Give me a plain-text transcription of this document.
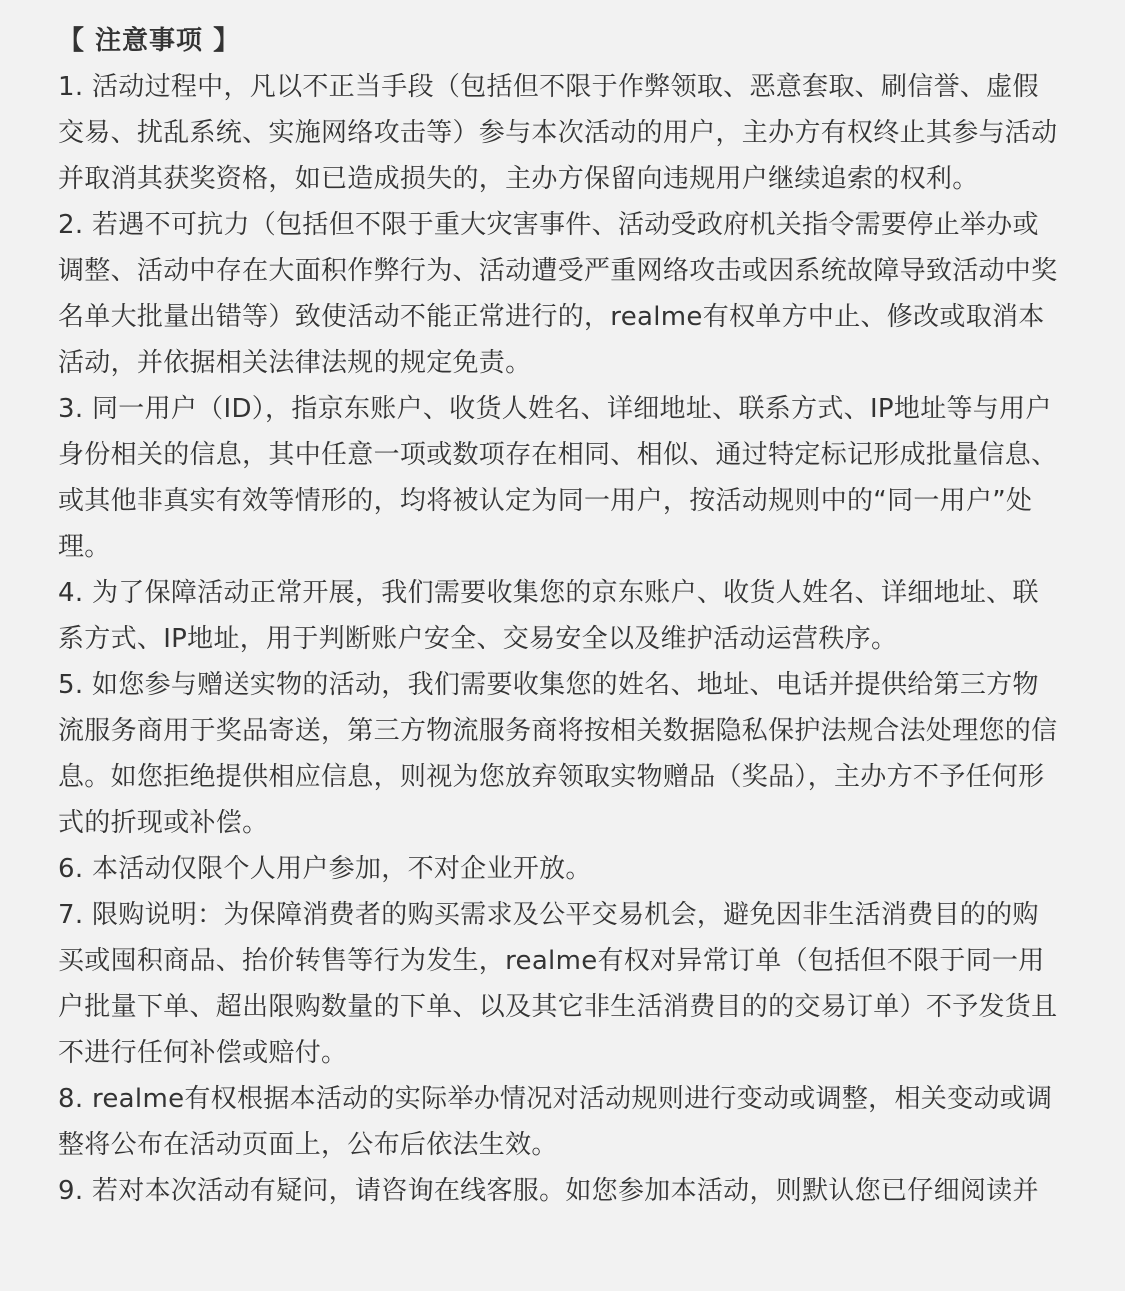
【 注意事项 】
1. 活动过程中，凡以不正当手段（包括但不限于作弊领取、恶意套取、刷信誉、虚假交易、扰乱系统、实施网络攻击等）参与本次活动的用户，主办方有权终止其参与活动并取消其获奖资格，如已造成损失的，主办方保留向违规用户继续追索的权利。
2. 若遇不可抗力（包括但不限于重大灾害事件、活动受政府机关指令需要停止举办或调整、活动中存在大面积作弊行为、活动遭受严重网络攻击或因系统故障导致活动中奖名单大批量出错等）致使活动不能正常进行的，realme有权单方中止、修改或取消本活动，并依据相关法律法规的规定免责。
3. 同一用户（ID），指京东账户、收货人姓名、详细地址、联系方式、IP地址等与用户身份相关的信息，其中任意一项或数项存在相同、相似、通过特定标记形成批量信息、或其他非真实有效等情形的，均将被认定为同一用户，按活动规则中的“同一用户”处理。
4. 为了保障活动正常开展，我们需要收集您的京东账户、收货人姓名、详细地址、联系方式、IP地址，用于判断账户安全、交易安全以及维护活动运营秩序。
5. 如您参与赠送实物的活动，我们需要收集您的姓名、地址、电话并提供给第三方物流服务商用于奖品寄送，第三方物流服务商将按相关数据隐私保护法规合法处理您的信息。如您拒绝提供相应信息，则视为您放弃领取实物赠品（奖品），主办方不予任何形式的折现或补偿。
6. 本活动仅限个人用户参加，不对企业开放。
7. 限购说明：为保障消费者的购买需求及公平交易机会，避免因非生活消费目的的购买或囤积商品、抬价转售等行为发生，realme有权对异常订单（包括但不限于同一用户批量下单、超出限购数量的下单、以及其它非生活消费目的的交易订单）不予发货且不进行任何补偿或赔付。
8. realme有权根据本活动的实际举办情况对活动规则进行变动或调整，相关变动或调整将公布在活动页面上，公布后依法生效。
9. 若对本次活动有疑问，请咨询在线客服。如您参加本活动，则默认您已仔细阅读并
